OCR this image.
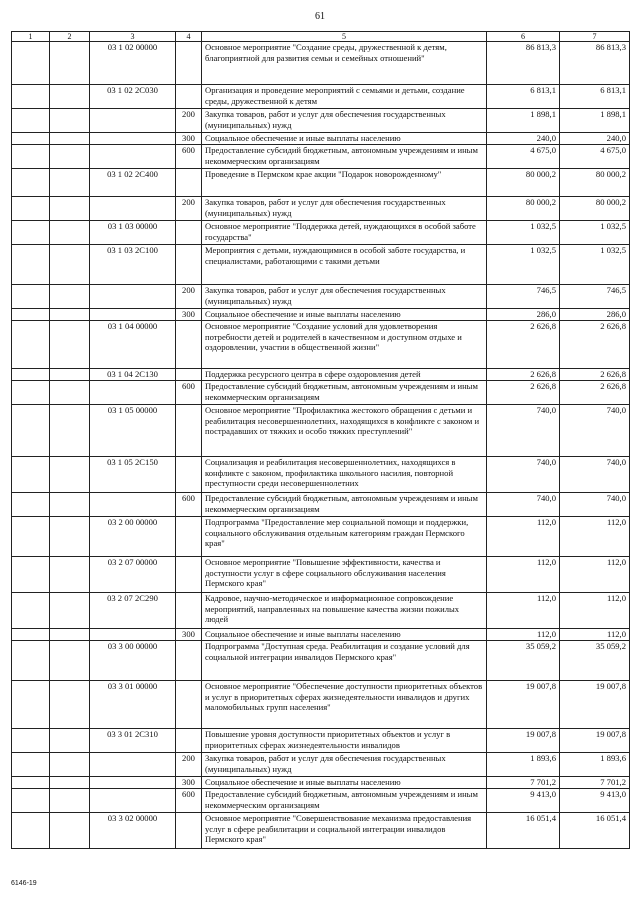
61
1	2	3	4	5	6	7
		03 1 02 00000		Основное мероприятие "Создание среды, дружественной к детям, благоприятной для развития семьи и семейных отношений"	86 813,3	86 813,3
		03 1 02 2С030		Организация и проведение мероприятий с семьями и детьми, создание среды, дружественной к детям	6 813,1	6 813,1
			200	Закупка товаров, работ и услуг для обеспечения государственных (муниципальных) нужд	1 898,1	1 898,1
			300	Социальное обеспечение и иные выплаты населению	240,0	240,0
			600	Предоставление субсидий бюджетным, автономным учреждениям и иным некоммерческим организациям	4 675,0	4 675,0
		03 1 02 2С400		Проведение в Пермском крае акции "Подарок новорожденному"	80 000,2	80 000,2
			200	Закупка товаров, работ и услуг для обеспечения государственных (муниципальных) нужд	80 000,2	80 000,2
		03 1 03 00000		Основное мероприятие "Поддержка детей, нуждающихся в особой заботе государства"	1 032,5	1 032,5
		03 1 03 2С100		Мероприятия с детьми, нуждающимися в особой заботе государства, и специалистами, работающими с такими детьми	1 032,5	1 032,5
			200	Закупка товаров, работ и услуг для обеспечения государственных (муниципальных) нужд	746,5	746,5
			300	Социальное обеспечение и иные выплаты населению	286,0	286,0
		03 1 04 00000		Основное мероприятие "Создание условий для удовлетворения потребности детей и родителей в качественном и доступном отдыхе и оздоровлении, участии в общественной жизни"	2 626,8	2 626,8
		03 1 04 2С130		Поддержка ресурсного центра в сфере оздоровления детей	2 626,8	2 626,8
			600	Предоставление субсидий бюджетным, автономным учреждениям и иным некоммерческим организациям	2 626,8	2 626,8
		03 1 05 00000		Основное мероприятие "Профилактика жестокого обращения с детьми и реабилитация несовершеннолетних, находящихся в конфликте с законом и пострадавших от тяжких и особо тяжких преступлений"	740,0	740,0
		03 1 05 2С150		Социализация и реабилитация несовершеннолетних, находящихся в конфликте с законом, профилактика школьного насилия, повторной преступности среди несовершеннолетних	740,0	740,0
			600	Предоставление субсидий бюджетным, автономным учреждениям и иным некоммерческим организациям	740,0	740,0
		03 2 00 00000		Подпрограмма "Предоставление мер социальной помощи и поддержки, социального обслуживания отдельным категориям граждан Пермского края"	112,0	112,0
		03 2 07 00000		Основное мероприятие "Повышение эффективности, качества и доступности услуг в сфере социального обслуживания населения Пермского края"	112,0	112,0
		03 2 07 2С290		Кадровое, научно-методическое и информационное сопровождение мероприятий, направленных на повышение качества жизни пожилых людей	112,0	112,0
			300	Социальное обеспечение и иные выплаты населению	112,0	112,0
		03 3 00 00000		Подпрограмма "Доступная среда. Реабилитация и создание условий для социальной интеграции инвалидов Пермского края"	35 059,2	35 059,2
		03 3 01 00000		Основное мероприятие "Обеспечение доступности приоритетных объектов и услуг в приоритетных сферах жизнедеятельности инвалидов и других маломобильных групп населения"	19 007,8	19 007,8
		03 3 01 2С310		Повышение уровня доступности приоритетных объектов и услуг в приоритетных сферах жизнедеятельности инвалидов	19 007,8	19 007,8
			200	Закупка товаров, работ и услуг для обеспечения государственных (муниципальных) нужд	1 893,6	1 893,6
			300	Социальное обеспечение и иные выплаты населению	7 701,2	7 701,2
			600	Предоставление субсидий бюджетным, автономным учреждениям и иным некоммерческим организациям	9 413,0	9 413,0
		03 3 02 00000		Основное мероприятие "Совершенствование механизма предоставления услуг в сфере реабилитации и социальной интеграции инвалидов Пермского края"	16 051,4	16 051,4
6146-19
